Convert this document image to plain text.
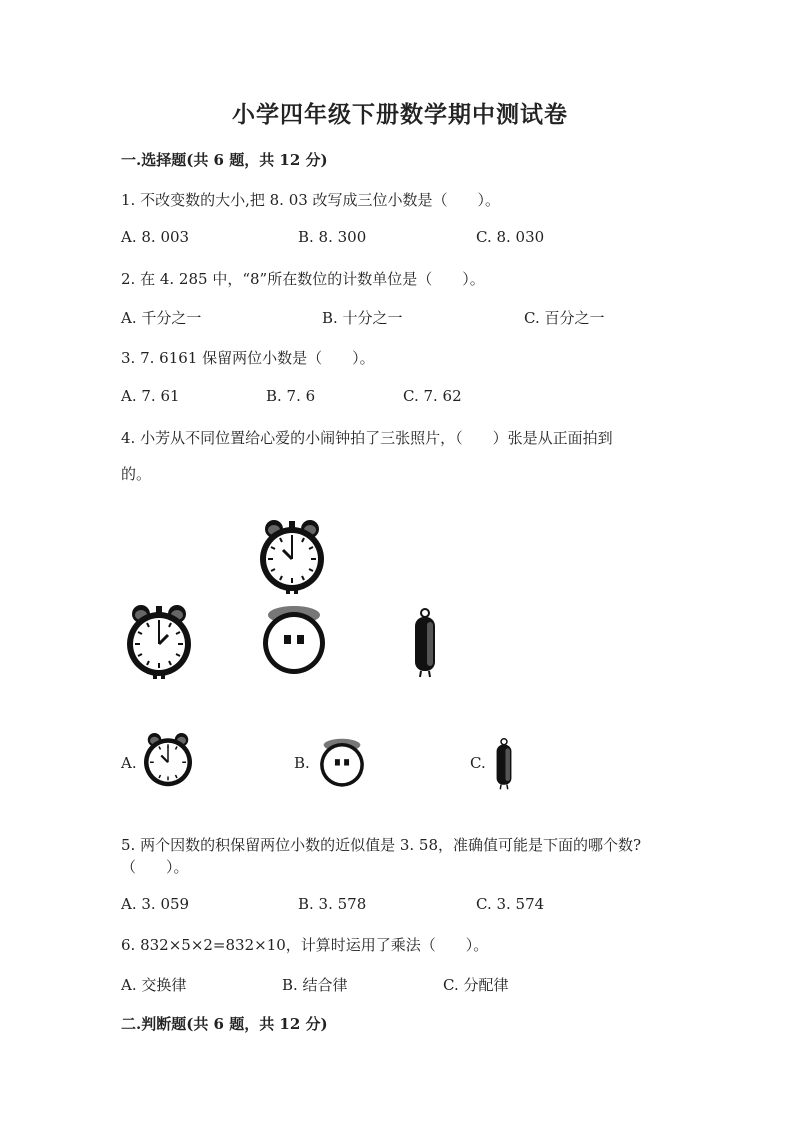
小学四年级下册数学期中测试卷
一.选择题(共 6 题，共 12 分)
1. 不改变数的大小,把 8. 03 改写成三位小数是（　　）。
A. 8. 003	B. 8. 300	C. 8. 030
2. 在 4. 285 中，“8”所在数位的计数单位是（　　）。
A. 千分之一	B. 十分之一	C. 百分之一
3. 7. 6161 保留两位小数是（　　）。
A. 7. 61	B. 7. 6	C. 7. 62
4. 小芳从不同位置给心爱的小闹钟拍了三张照片，（　　）张是从正面拍到
的。
A.	B.	C.
5. 两个因数的积保留两位小数的近似值是 3. 58，准确值可能是下面的哪个数?
（　　）。
A. 3. 059	B. 3. 578	C. 3. 574
6. 832×5×2=832×10，计算时运用了乘法（　　）。
A. 交换律	B. 结合律	C. 分配律
二.判断题(共 6 题，共 12 分)
